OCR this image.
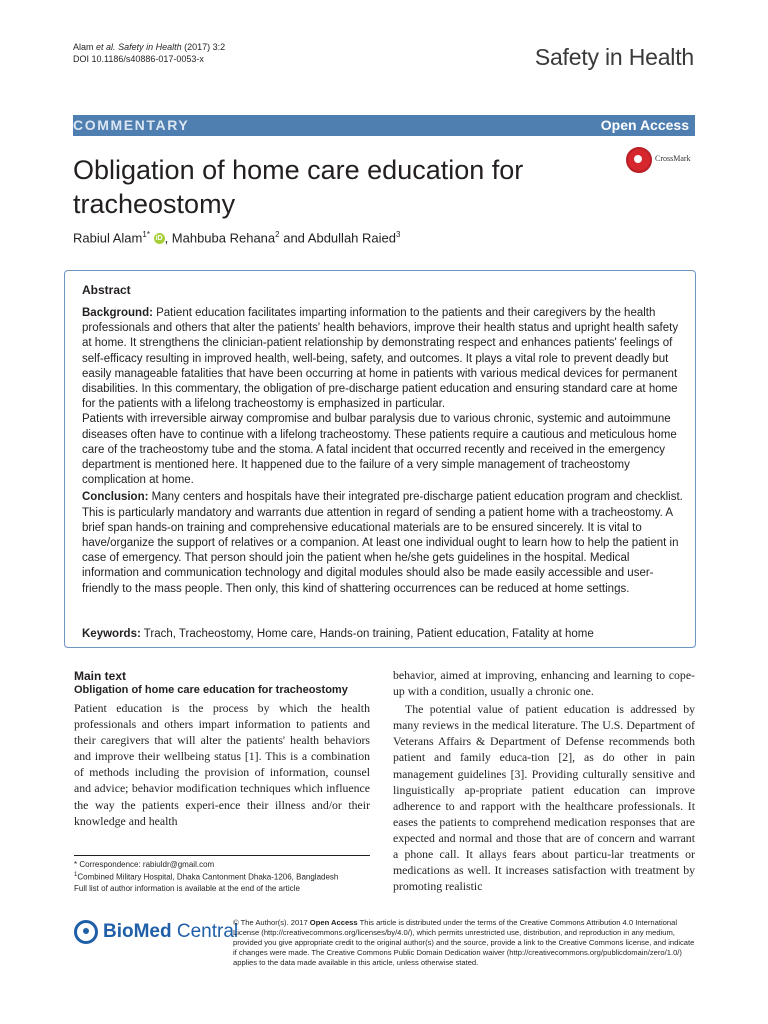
Alam et al. Safety in Health (2017) 3:2
DOI 10.1186/s40886-017-0053-x	Safety in Health
COMMENTARY	Open Access
Obligation of home care education for tracheostomy
CrossMark
Rabiul Alam$^{1*}$ iD , Mahbuba Rehana$^2$ and Abdullah Raied$^3$
Abstract

Background: Patient education facilitates imparting information to the patients and their caregivers by the health professionals and others that alter the patients' health behaviors, improve their health status and upright health safety at home. It strengthens the clinician-patient relationship by demonstrating respect and enhances patients' feelings of self-efficacy resulting in improved health, well-being, safety, and outcomes. It plays a vital role to prevent deadly but easily manageable fatalities that have been occurring at home in patients with various medical devices for permanent disabilities. In this commentary, the obligation of pre-discharge patient education and ensuring standard care at home for the patients with a lifelong tracheostomy is emphasized in particular.

Patients with irreversible airway compromise and bulbar paralysis due to various chronic, systemic and autoimmune diseases often have to continue with a lifelong tracheostomy. These patients require a cautious and meticulous home care of the tracheostomy tube and the stoma. A fatal incident that occurred recently and received in the emergency department is mentioned here. It happened due to the failure of a very simple management of tracheostomy complication at home.

Conclusion: Many centers and hospitals have their integrated pre-discharge patient education program and checklist. This is particularly mandatory and warrants due attention in regard of sending a patient home with a tracheostomy. A brief span hands-on training and comprehensive educational materials are to be ensured sincerely. It is vital to have/organize the support of relatives or a companion. At least one individual ought to learn how to help the patient in case of emergency. That person should join the patient when he/she gets guidelines in the hospital. Medical information and communication technology and digital modules should also be made easily accessible and user-friendly to the mass people. Then only, this kind of shattering occurrences can be reduced at home settings.

Keywords: Trach, Tracheostomy, Home care, Hands-on training, Patient education, Fatality at home
Main text
Obligation of home care education for tracheostomy

Patient education is the process by which the health professionals and others impart information to patients and their caregivers that will alter the patients' health behaviors and improve their wellbeing status [1]. This is a combination of methods including the provision of information, counsel and advice; behavior modification techniques which influence the way the patients experi-ence their illness and/or their knowledge and health

behavior, aimed at improving, enhancing and learning to cope-up with a condition, usually a chronic one.

The potential value of patient education is addressed by many reviews in the medical literature. The U.S. Department of Veterans Affairs & Department of Defense recommends both patient and family educa-tion [2], as do other in pain management guidelines [3]. Providing culturally sensitive and linguistically ap-propriate patient education can improve adherence to and rapport with the healthcare professionals. It eases the patients to comprehend medication responses that are expected and normal and those that are of concern and warrant a phone call. It allays fears about particu-lar treatments or medications as well. It increases satisfaction with treatment by promoting realistic

* Correspondence: rabiuldr@gmail.com
$^1$Combined Military Hospital, Dhaka Cantonment Dhaka-1206, Bangladesh
Full list of author information is available at the end of the article
BioMed Central
© The Author(s). 2017 Open Access This article is distributed under the terms of the Creative Commons Attribution 4.0 International License (http://creativecommons.org/licenses/by/4.0/), which permits unrestricted use, distribution, and reproduction in any medium, provided you give appropriate credit to the original author(s) and the source, provide a link to the Creative Commons license, and indicate if changes were made. The Creative Commons Public Domain Dedication waiver (http://creativecommons.org/publicdomain/zero/1.0/) applies to the data made available in this article, unless otherwise stated.
